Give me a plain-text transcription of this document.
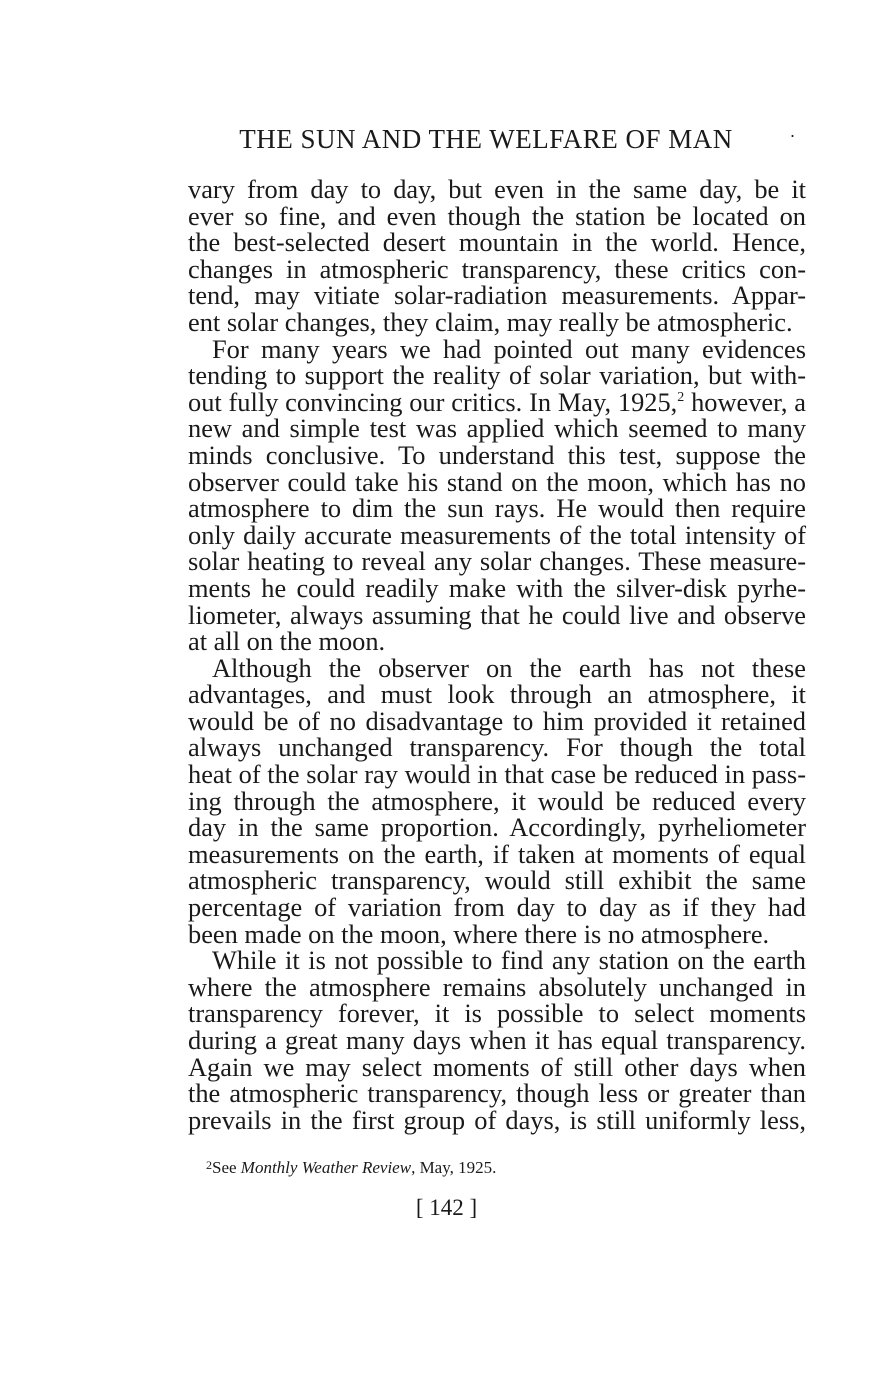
THE SUN AND THE WELFARE OF MAN	·
vary from day to day, but even in the same day, be it
ever so fine, and even though the station be located on
the best-selected desert mountain in the world. Hence,
changes in atmospheric transparency, these critics con-
tend, may vitiate solar-radiation measurements. Appar-
ent solar changes, they claim, may really be atmospheric.
For many years we had pointed out many evidences
tending to support the reality of solar variation, but with-
out fully convincing our critics. In May, 1925,$^2$ however, a
new and simple test was applied which seemed to many
minds conclusive. To understand this test, suppose the
observer could take his stand on the moon, which has no
atmosphere to dim the sun rays. He would then require
only daily accurate measurements of the total intensity of
solar heating to reveal any solar changes. These measure-
ments he could readily make with the silver-disk pyrhe-
liometer, always assuming that he could live and observe
at all on the moon.
Although the observer on the earth has not these
advantages, and must look through an atmosphere, it
would be of no disadvantage to him provided it retained
always unchanged transparency. For though the total
heat of the solar ray would in that case be reduced in pass-
ing through the atmosphere, it would be reduced every
day in the same proportion. Accordingly, pyrheliometer
measurements on the earth, if taken at moments of equal
atmospheric transparency, would still exhibit the same
percentage of variation from day to day as if they had
been made on the moon, where there is no atmosphere.
While it is not possible to find any station on the earth
where the atmosphere remains absolutely unchanged in
transparency forever, it is possible to select moments
during a great many days when it has equal transparency.
Again we may select moments of still other days when
the atmospheric transparency, though less or greater than
prevails in the first group of days, is still uniformly less,
$^2$See Monthly Weather Review, May, 1925.
[ 142 ]
